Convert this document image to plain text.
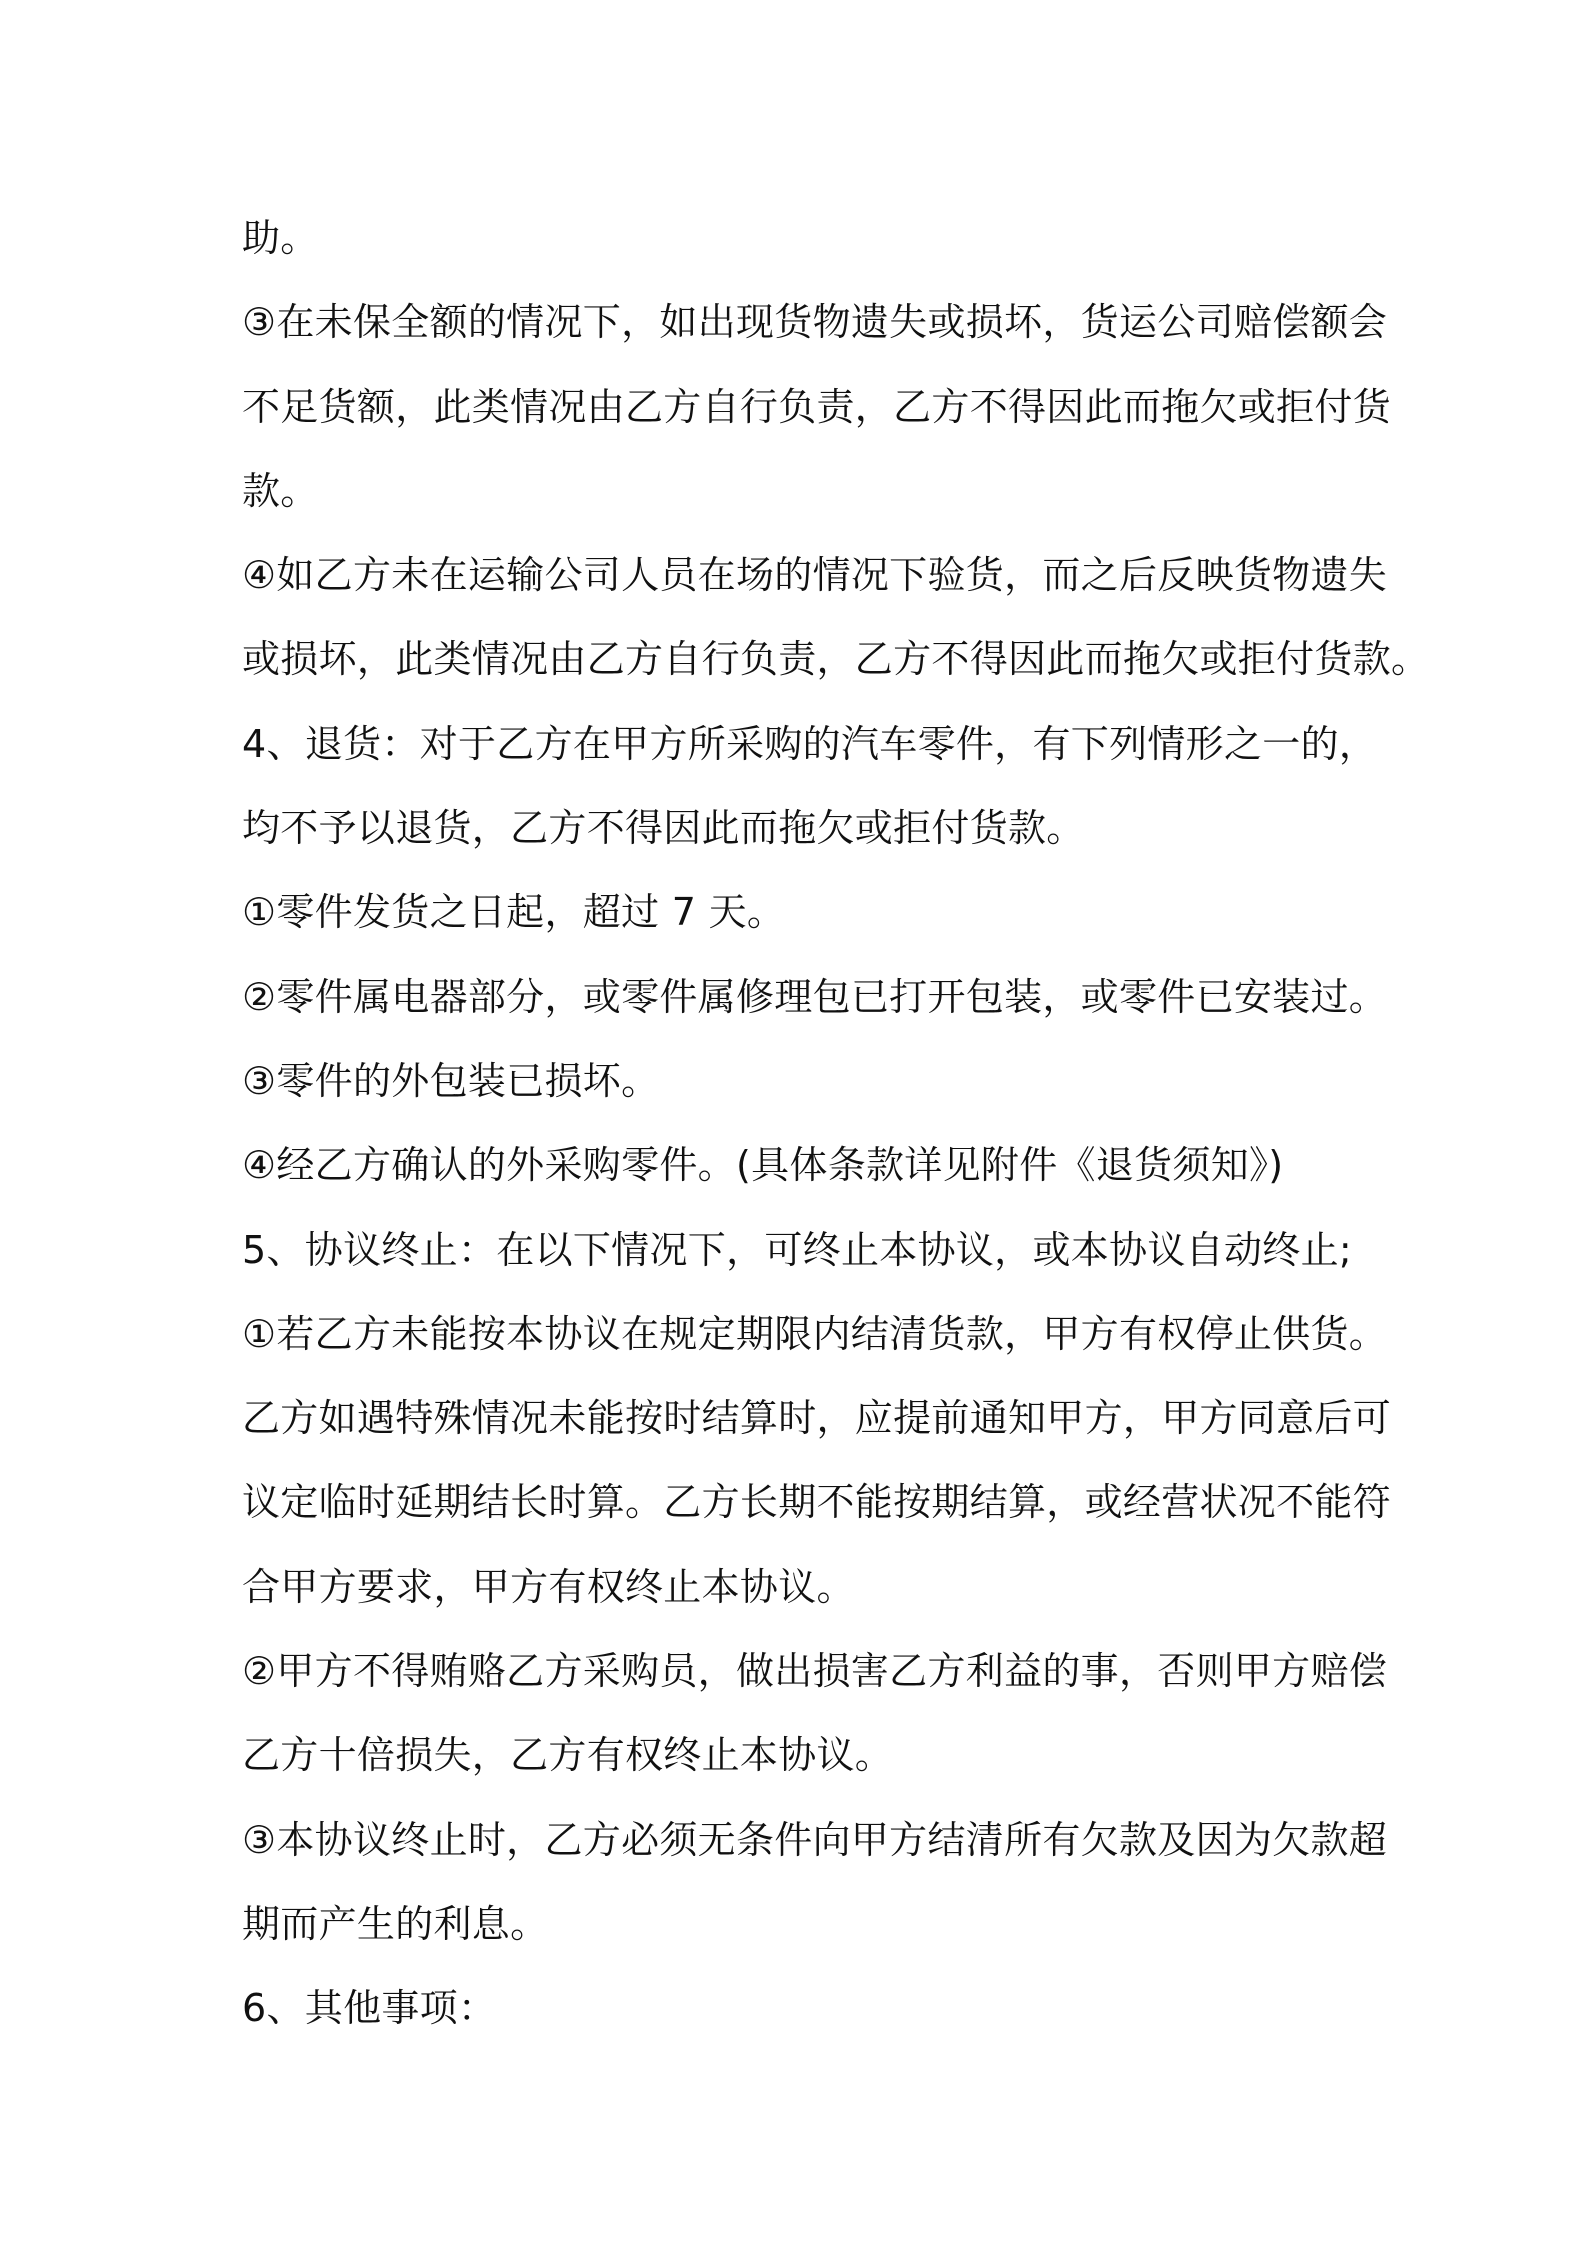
助。
③在未保全额的情况下，如出现货物遗失或损坏，货运公司赔偿额会
不足货额，此类情况由乙方自行负责，乙方不得因此而拖欠或拒付货
款。
④如乙方未在运输公司人员在场的情况下验货，而之后反映货物遗失
或损坏，此类情况由乙方自行负责，乙方不得因此而拖欠或拒付货款。
4、退货：对于乙方在甲方所采购的汽车零件，有下列情形之一的，
均不予以退货，乙方不得因此而拖欠或拒付货款。
①零件发货之日起，超过 7 天。
②零件属电器部分，或零件属修理包已打开包装，或零件已安装过。
③零件的外包装已损坏。
④经乙方确认的外采购零件。(具体条款详见附件《退货须知》)
5、协议终止：在以下情况下，可终止本协议，或本协议自动终止;
①若乙方未能按本协议在规定期限内结清货款，甲方有权停止供货。
乙方如遇特殊情况未能按时结算时，应提前通知甲方，甲方同意后可
议定临时延期结长时算。乙方长期不能按期结算，或经营状况不能符
合甲方要求，甲方有权终止本协议。
②甲方不得贿赂乙方采购员，做出损害乙方利益的事，否则甲方赔偿
乙方十倍损失，乙方有权终止本协议。
③本协议终止时，乙方必须无条件向甲方结清所有欠款及因为欠款超
期而产生的利息。
6、其他事项：
